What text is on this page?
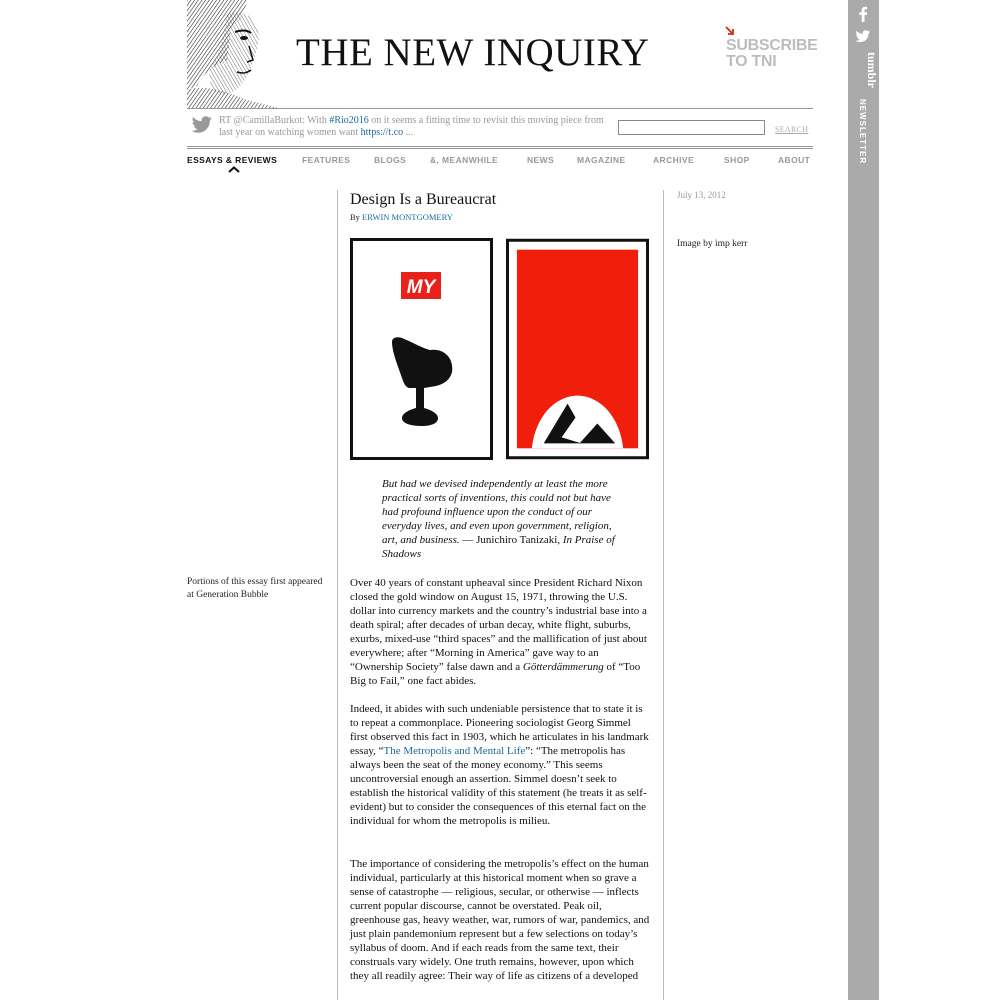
THE NEW INQUIRY	SUBSCRIBE
TO TNI
RT @CamillaBurkot: With #Rio2016 on it seems a fitting time to revisit this moving piece from last year on watching women want https://t.co ...	SEARCH
ESSAYS & REVIEWS	FEATURES	BLOGS	&, MEANWHILE	NEWS	MAGAZINE	ARCHIVE	SHOP	ABOUT
tumblr
NEWSLETTER
July 13, 2012
Image by imp kerr
Portions of this essay first appeared at Generation Bubble
Design Is a Bureaucrat
By ERWIN MONTGOMERY
MY
But had we devised independently at least the more practical sorts of inventions, this could not but have had profound influence upon the conduct of our everyday lives, and even upon government, religion, art, and business. — Junichiro Tanizaki, In Praise of Shadows

Over 40 years of constant upheaval since President Richard Nixon closed the gold window on August 15, 1971, throwing the U.S. dollar into currency markets and the country’s industrial base into a death spiral; after decades of urban decay, white flight, suburbs, exurbs, mixed-use “third spaces” and the mallification of just about everywhere; after “Morning in America” gave way to an “Ownership Society” false dawn and a Götterdämmerung of “Too Big to Fail,” one fact abides.

Indeed, it abides with such undeniable persistence that to state it is to repeat a commonplace. Pioneering sociologist Georg Simmel first observed this fact in 1903, which he articulates in his landmark essay, “The Metropolis and Mental Life”: “The metropolis has always been the seat of the money economy.” This seems uncontroversial enough an assertion. Simmel doesn’t seek to establish the historical validity of this statement (he treats it as self-evident) but to consider the consequences of this eternal fact on the individual for whom the metropolis is milieu.

The importance of considering the metropolis’s effect on the human individual, particularly at this historical moment when so grave a sense of catastrophe — religious, secular, or otherwise — inflects current popular discourse, cannot be overstated. Peak oil, greenhouse gas, heavy weather, war, rumors of war, pandemics, and just plain pandemonium represent but a few selections on today’s syllabus of doom. And if each reads from the same text, their construals vary widely. One truth remains, however, upon which they all readily agree: Their way of life as citizens of a developed
